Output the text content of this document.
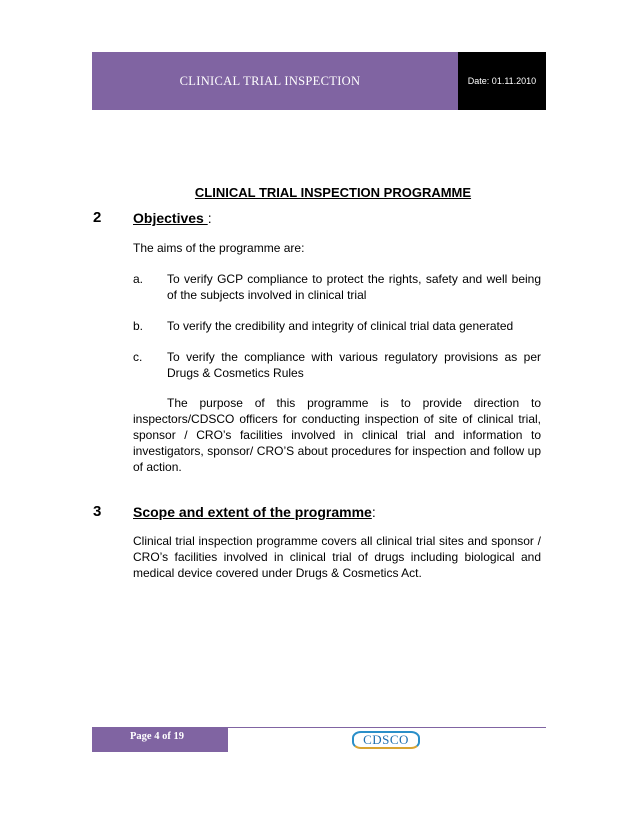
CLINICAL TRIAL INSPECTION	Date: 01.11.2010
CLINICAL TRIAL INSPECTION PROGRAMME
2 Objectives :
The aims of the programme are:
a. To verify GCP compliance to protect the rights, safety and well being of the subjects involved in clinical trial
b. To verify the credibility and integrity of clinical trial data generated
c. To verify the compliance with various regulatory provisions as per Drugs & Cosmetics Rules
The purpose of this programme is to provide direction to inspectors/CDSCO officers for conducting inspection of site of clinical trial, sponsor / CRO’s facilities involved in clinical trial and information to investigators, sponsor/ CRO’S about procedures for inspection and follow up of action.
3 Scope and extent of the programme:
Clinical trial inspection programme covers all clinical trial sites and sponsor / CRO’s facilities involved in clinical trial of drugs including biological and medical device covered under Drugs & Cosmetics Act.
Page 4 of 19	CDSCO
